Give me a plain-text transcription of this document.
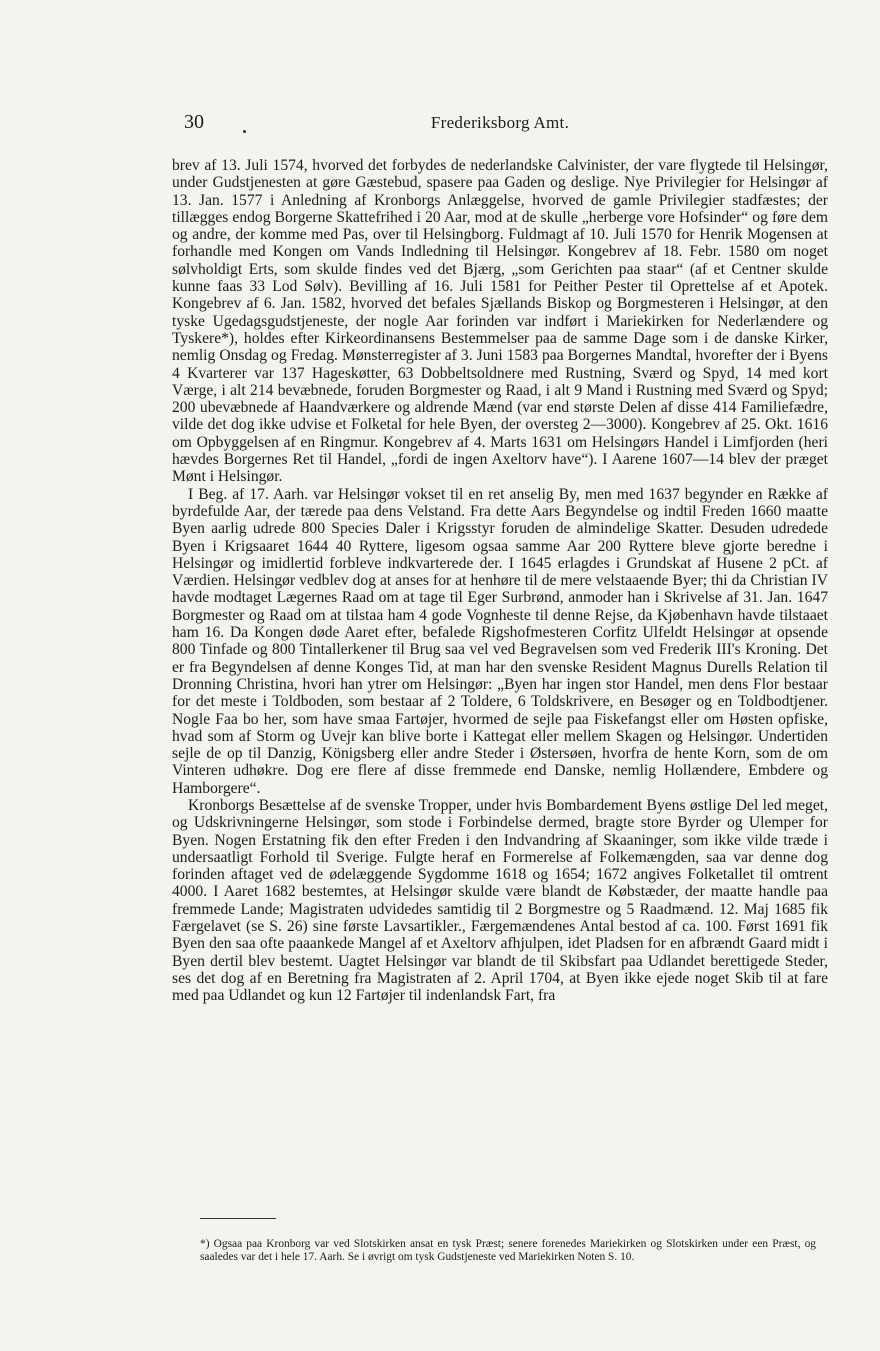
30	Frederiksborg Amt.

brev af 13. Juli 1574, hvorved det forbydes de nederlandske Calvinister, der vare flygtede til Helsingør, under Gudstjenesten at gøre Gæstebud, spasere paa Gaden og deslige. Nye Privilegier for Helsingør af 13. Jan. 1577 i Anledning af Kronborgs Anlæggelse, hvorved de gamle Privilegier stadfæstes; der tillægges endog Borgerne Skattefrihed i 20 Aar, mod at de skulle „herberge vore Hofsinder“ og føre dem og andre, der komme med Pas, over til Helsingborg. Fuldmagt af 10. Juli 1570 for Henrik Mogensen at forhandle med Kongen om Vands Indledning til Helsingør. Kongebrev af 18. Febr. 1580 om noget sølvholdigt Erts, som skulde findes ved det Bjærg, „som Gerichten paa staar“ (af et Centner skulde kunne faas 33 Lod Sølv). Bevilling af 16. Juli 1581 for Peither Pester til Oprettelse af et Apotek. Kongebrev af 6. Jan. 1582, hvorved det befales Sjællands Biskop og Borgmesteren i Helsingør, at den tyske Ugedagsgudstjeneste, der nogle Aar forinden var indført i Mariekirken for Nederlændere og Tyskere*), holdes efter Kirkeordinansens Bestemmelser paa de samme Dage som i de danske Kirker, nemlig Onsdag og Fredag. Mønsterregister af 3. Juni 1583 paa Borgernes Mandtal, hvorefter der i Byens 4 Kvarterer var 137 Hageskøtter, 63 Dobbeltsoldnere med Rustning, Sværd og Spyd, 14 med kort Værge, i alt 214 bevæbnede, foruden Borgmester og Raad, i alt 9 Mand i Rustning med Sværd og Spyd; 200 ubevæbnede af Haandværkere og aldrende Mænd (var end største Delen af disse 414 Familiefædre, vilde det dog ikke udvise et Folketal for hele Byen, der oversteg 2—3000). Kongebrev af 25. Okt. 1616 om Opbyggelsen af en Ringmur. Kongebrev af 4. Marts 1631 om Helsingørs Handel i Limfjorden (heri hævdes Borgernes Ret til Handel, „fordi de ingen Axeltorv have“). I Aarene 1607—14 blev der præget Mønt i Helsingør.

I Beg. af 17. Aarh. var Helsingør vokset til en ret anselig By, men med 1637 begynder en Række af byrdefulde Aar, der tærede paa dens Velstand. Fra dette Aars Begyndelse og indtil Freden 1660 maatte Byen aarlig udrede 800 Species Daler i Krigsstyr foruden de almindelige Skatter. Desuden udredede Byen i Krigsaaret 1644 40 Ryttere, ligesom ogsaa samme Aar 200 Ryttere bleve gjorte beredne i Helsingør og imidlertid forbleve indkvarterede der. I 1645 erlagdes i Grundskat af Husene 2 pCt. af Værdien. Helsingør vedblev dog at anses for at henhøre til de mere velstaaende Byer; thi da Christian IV havde modtaget Lægernes Raad om at tage til Eger Surbrønd, anmoder han i Skrivelse af 31. Jan. 1647 Borgmester og Raad om at tilstaa ham 4 gode Vognheste til denne Rejse, da Kjøbenhavn havde tilstaaet ham 16. Da Kongen døde Aaret efter, befalede Rigshofmesteren Corfitz Ulfeldt Helsingør at opsende 800 Tinfade og 800 Tintallerkener til Brug saa vel ved Begravelsen som ved Frederik III's Kroning. Det er fra Begyndelsen af denne Konges Tid, at man har den svenske Resident Magnus Durells Relation til Dronning Christina, hvori han ytrer om Helsingør: „Byen har ingen stor Handel, men dens Flor bestaar for det meste i Toldboden, som bestaar af 2 Toldere, 6 Toldskrivere, en Besøger og en Toldbodtjener. Nogle Faa bo her, som have smaa Fartøjer, hvormed de sejle paa Fiskefangst eller om Høsten opfiske, hvad som af Storm og Uvejr kan blive borte i Kattegat eller mellem Skagen og Helsingør. Undertiden sejle de op til Danzig, Königsberg eller andre Steder i Østersøen, hvorfra de hente Korn, som de om Vinteren udhøkre. Dog ere flere af disse fremmede end Danske, nemlig Hollændere, Embdere og Hamborgere“.

Kronborgs Besættelse af de svenske Tropper, under hvis Bombardement Byens østlige Del led meget, og Udskrivningerne Helsingør, som stode i Forbindelse dermed, bragte store Byrder og Ulemper for Byen. Nogen Erstatning fik den efter Freden i den Indvandring af Skaaninger, som ikke vilde træde i undersaatligt Forhold til Sverige. Fulgte heraf en Formerelse af Folkemængden, saa var denne dog forinden aftaget ved de ødelæggende Sygdomme 1618 og 1654; 1672 angives Folketallet til omtrent 4000. I Aaret 1682 bestemtes, at Helsingør skulde være blandt de Købstæder, der maatte handle paa fremmede Lande; Magistraten udvidedes samtidig til 2 Borgmestre og 5 Raadmænd. 12. Maj 1685 fik Færgelavet (se S. 26) sine første Lavsartikler., Færgemændenes Antal bestod af ca. 100. Først 1691 fik Byen den saa ofte paaankede Mangel af et Axeltorv afhjulpen, idet Pladsen for en afbrændt Gaard midt i Byen dertil blev bestemt. Uagtet Helsingør var blandt de til Skibsfart paa Udlandet berettigede Steder, ses det dog af en Beretning fra Magistraten af 2. April 1704, at Byen ikke ejede noget Skib til at fare med paa Udlandet og kun 12 Fartøjer til indenlandsk Fart, fra

*) Ogsaa paa Kronborg var ved Slotskirken ansat en tysk Præst; senere forenedes Mariekirken og Slotskirken under een Præst, og saaledes var det i hele 17. Aarh. Se i øvrigt om tysk Gudstjeneste ved Mariekirken Noten S. 10.
